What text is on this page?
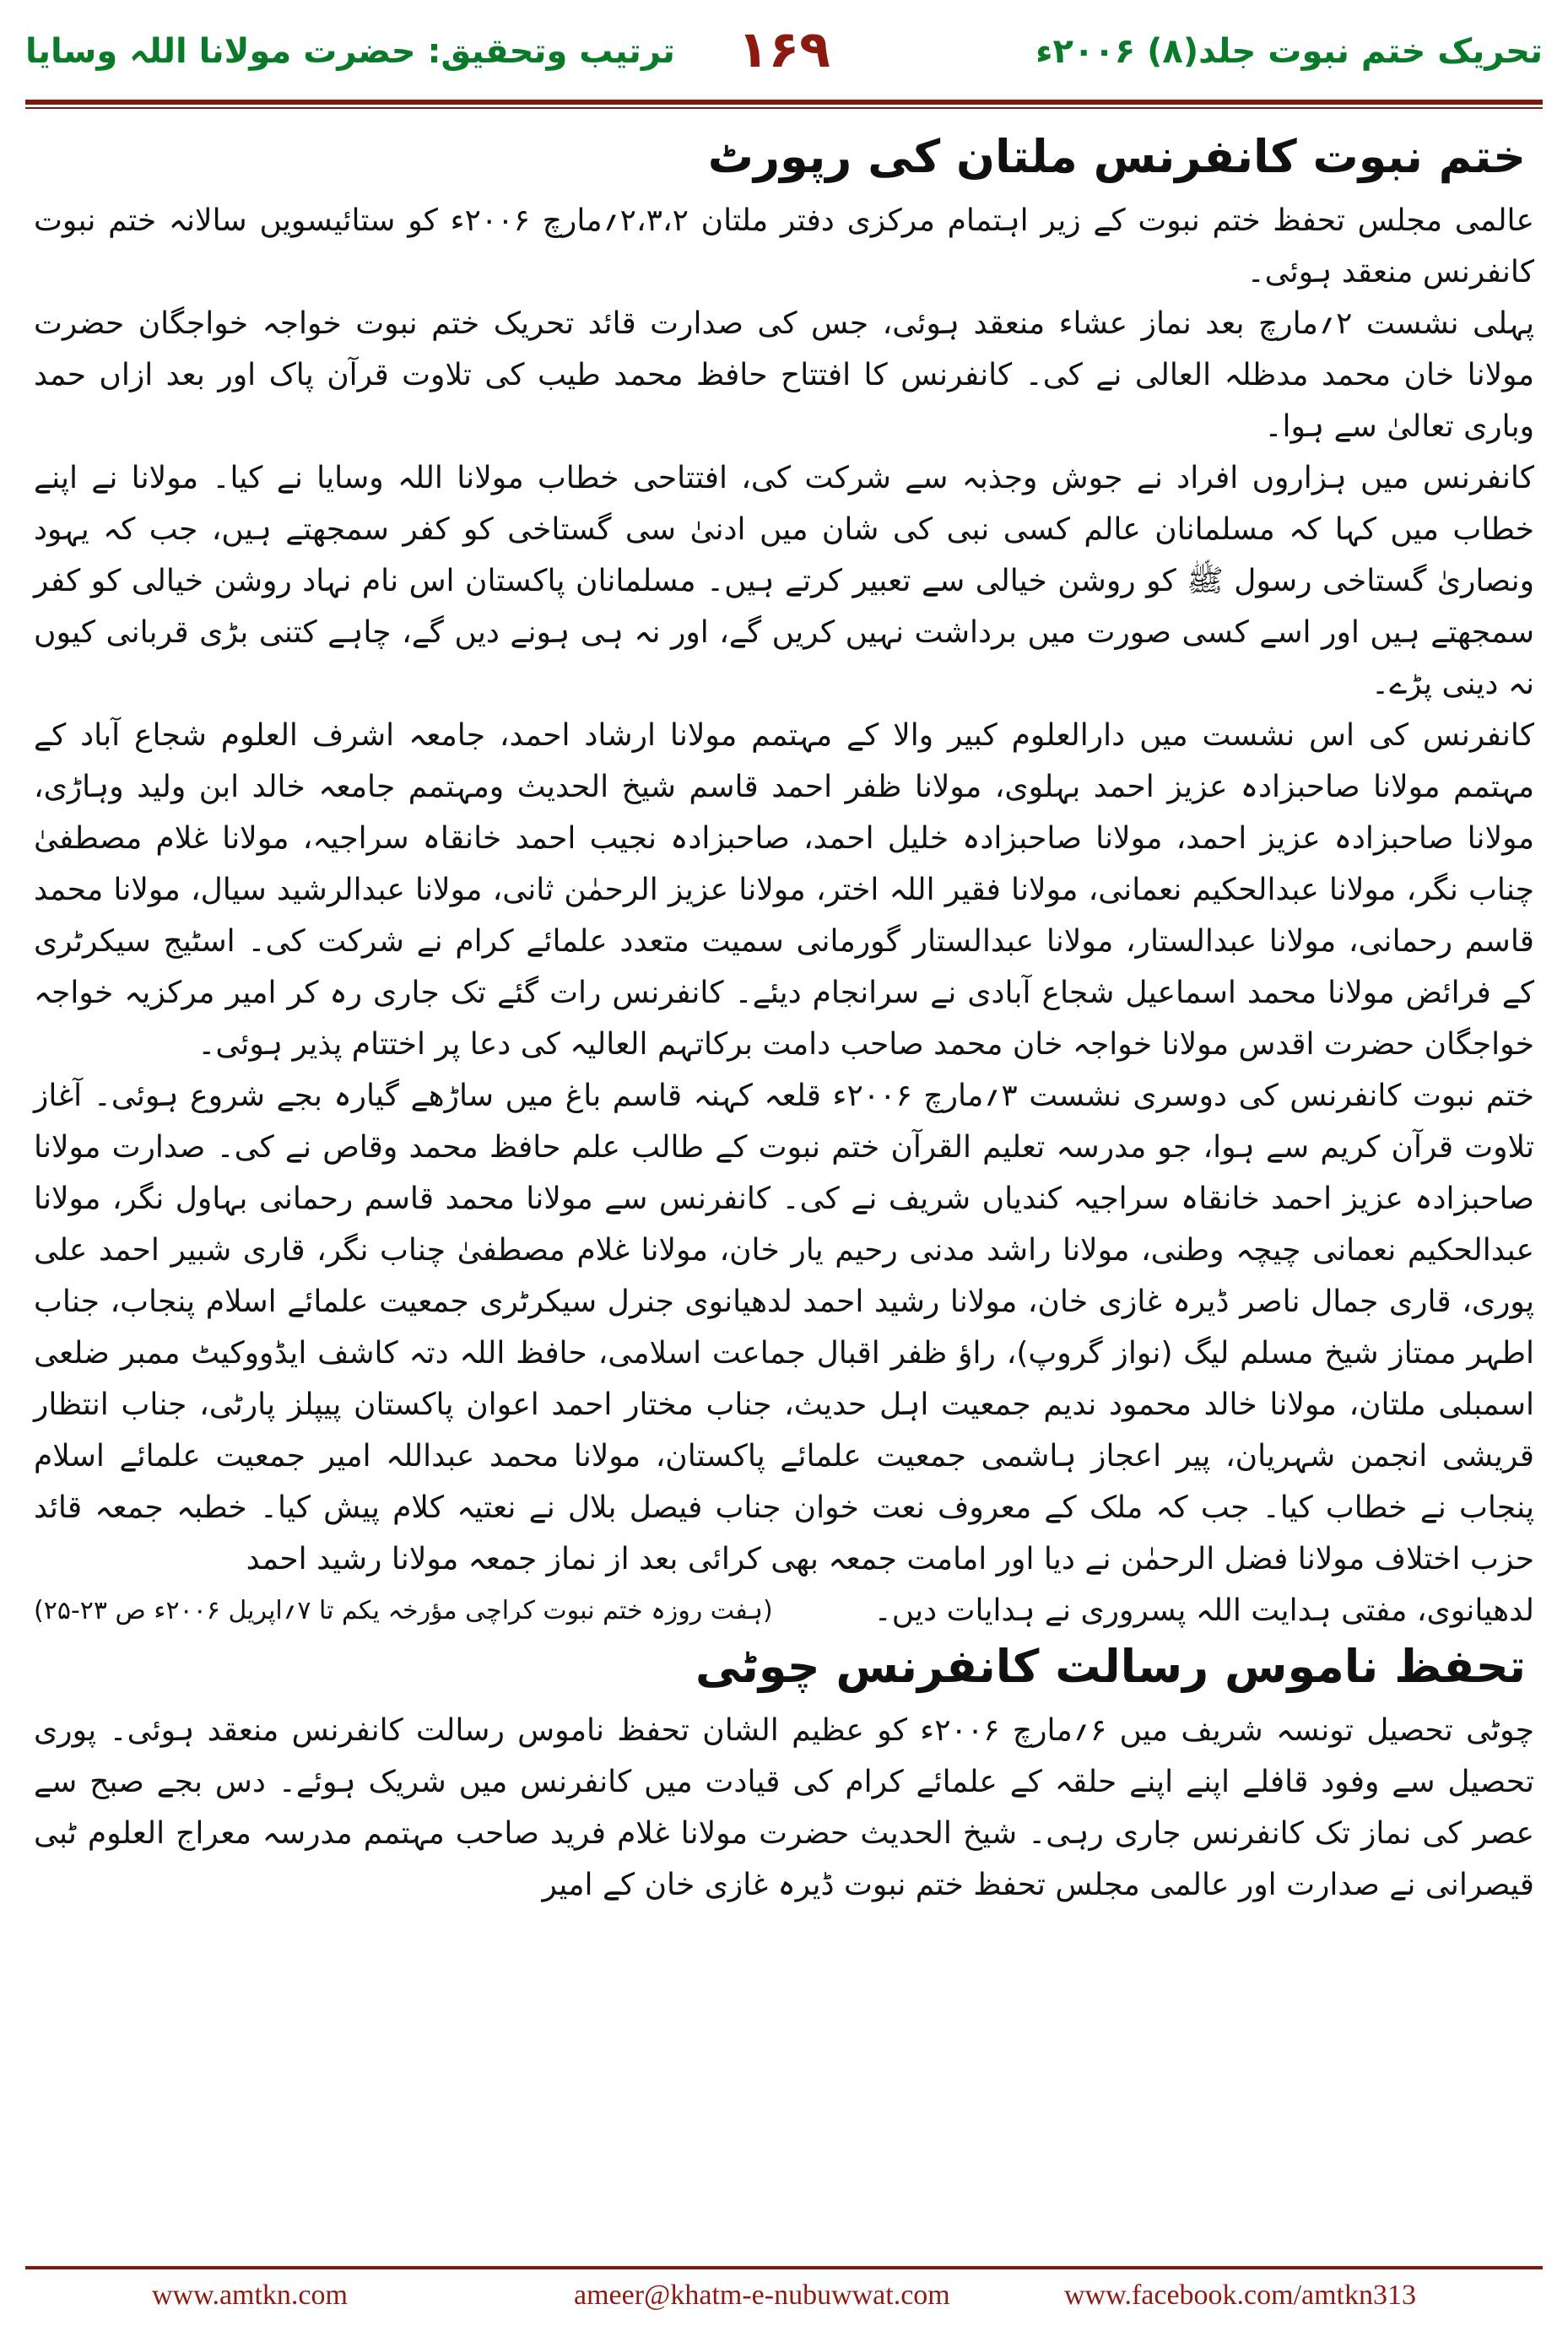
تحریک ختم نبوت جلد(۸) ۲۰۰۶ء
۱۶۹
ترتیب وتحقیق: حضرت مولانا اللہ وسایا
ختم نبوت کانفرنس ملتان کی رپورٹ

عالمی مجلس تحفظ ختم نبوت کے زیر اہتمام مرکزی دفتر ملتان ۲،۳،۲؍مارچ ۲۰۰۶ء کو ستائیسویں سالانہ ختم نبوت کانفرنس منعقد ہوئی۔

پہلی نشست ۲؍مارچ بعد نماز عشاء منعقد ہوئی، جس کی صدارت قائد تحریک ختم نبوت خواجہ خواجگان حضرت مولانا خان محمد مدظلہ العالی نے کی۔ کانفرنس کا افتتاح حافظ محمد طیب کی تلاوت قرآن پاک اور بعد ازاں حمد وباری تعالیٰ سے ہوا۔

کانفرنس میں ہزاروں افراد نے جوش وجذبہ سے شرکت کی، افتتاحی خطاب مولانا اللہ وسایا نے کیا۔ مولانا نے اپنے خطاب میں کہا کہ مسلمانان عالم کسی نبی کی شان میں ادنیٰ سی گستاخی کو کفر سمجھتے ہیں، جب کہ یہود ونصاریٰ گستاخی رسول ﷺ کو روشن خیالی سے تعبیر کرتے ہیں۔ مسلمانان پاکستان اس نام نہاد روشن خیالی کو کفر سمجھتے ہیں اور اسے کسی صورت میں برداشت نہیں کریں گے، اور نہ ہی ہونے دیں گے، چاہے کتنی بڑی قربانی کیوں نہ دینی پڑے۔

کانفرنس کی اس نشست میں دارالعلوم کبیر والا کے مہتمم مولانا ارشاد احمد، جامعہ اشرف العلوم شجاع آباد کے مہتمم مولانا صاحبزادہ عزیز احمد بہلوی، مولانا ظفر احمد قاسم شیخ الحدیث ومہتمم جامعہ خالد ابن ولید وہاڑی، مولانا صاحبزادہ عزیز احمد، مولانا صاحبزادہ خلیل احمد، صاحبزادہ نجیب احمد خانقاہ سراجیہ، مولانا غلام مصطفیٰ چناب نگر، مولانا عبدالحکیم نعمانی، مولانا فقیر اللہ اختر، مولانا عزیز الرحمٰن ثانی، مولانا عبدالرشید سیال، مولانا محمد قاسم رحمانی، مولانا عبدالستار، مولانا عبدالستار گورمانی سمیت متعدد علمائے کرام نے شرکت کی۔ اسٹیج سیکرٹری کے فرائض مولانا محمد اسماعیل شجاع آبادی نے سرانجام دیئے۔ کانفرنس رات گئے تک جاری رہ کر امیر مرکزیہ خواجہ خواجگان حضرت اقدس مولانا خواجہ خان محمد صاحب دامت برکاتہم العالیہ کی دعا پر اختتام پذیر ہوئی۔

ختم نبوت کانفرنس کی دوسری نشست ۳؍مارچ ۲۰۰۶ء قلعہ کہنہ قاسم باغ میں ساڑھے گیارہ بجے شروع ہوئی۔ آغاز تلاوت قرآن کریم سے ہوا، جو مدرسہ تعلیم القرآن ختم نبوت کے طالب علم حافظ محمد وقاص نے کی۔ صدارت مولانا صاحبزادہ عزیز احمد خانقاہ سراجیہ کندیاں شریف نے کی۔ کانفرنس سے مولانا محمد قاسم رحمانی بہاول نگر، مولانا عبدالحکیم نعمانی چیچہ وطنی، مولانا راشد مدنی رحیم یار خان، مولانا غلام مصطفیٰ چناب نگر، قاری شبیر احمد علی پوری، قاری جمال ناصر ڈیرہ غازی خان، مولانا رشید احمد لدھیانوی جنرل سیکرٹری جمعیت علمائے اسلام پنجاب، جناب اطہر ممتاز شیخ مسلم لیگ (نواز گروپ)، راؤ ظفر اقبال جماعت اسلامی، حافظ اللہ دتہ کاشف ایڈووکیٹ ممبر ضلعی اسمبلی ملتان، مولانا خالد محمود ندیم جمعیت اہل حدیث، جناب مختار احمد اعوان پاکستان پیپلز پارٹی، جناب انتظار قریشی انجمن شہریان، پیر اعجاز ہاشمی جمعیت علمائے پاکستان، مولانا محمد عبداللہ امیر جمعیت علمائے اسلام پنجاب نے خطاب کیا۔ جب کہ ملک کے معروف نعت خوان جناب فیصل بلال نے نعتیہ کلام پیش کیا۔ خطبہ جمعہ قائد حزب اختلاف مولانا فضل الرحمٰن نے دیا اور امامت جمعہ بھی کرائی بعد از نماز جمعہ مولانا رشید احمد

لدھیانوی، مفتی ہدایت اللہ پسروری نے ہدایات دیں۔
(ہفت روزہ ختم نبوت کراچی مؤرخہ یکم تا ۷؍اپریل ۲۰۰۶ء ص ۲۳-۲۵)
تحفظ ناموس رسالت کانفرنس چوٹی

چوٹی تحصیل تونسہ شریف میں ۶؍مارچ ۲۰۰۶ء کو عظیم الشان تحفظ ناموس رسالت کانفرنس منعقد ہوئی۔ پوری تحصیل سے وفود قافلے اپنے اپنے حلقہ کے علمائے کرام کی قیادت میں کانفرنس میں شریک ہوئے۔ دس بجے صبح سے عصر کی نماز تک کانفرنس جاری رہی۔ شیخ الحدیث حضرت مولانا غلام فرید صاحب مہتمم مدرسہ معراج العلوم ٹبی قیصرانی نے صدارت اور عالمی مجلس تحفظ ختم نبوت ڈیرہ غازی خان کے امیر

www.amtkn.com	ameer@khatm-e-nubuwwat.com	www.facebook.com/amtkn313
